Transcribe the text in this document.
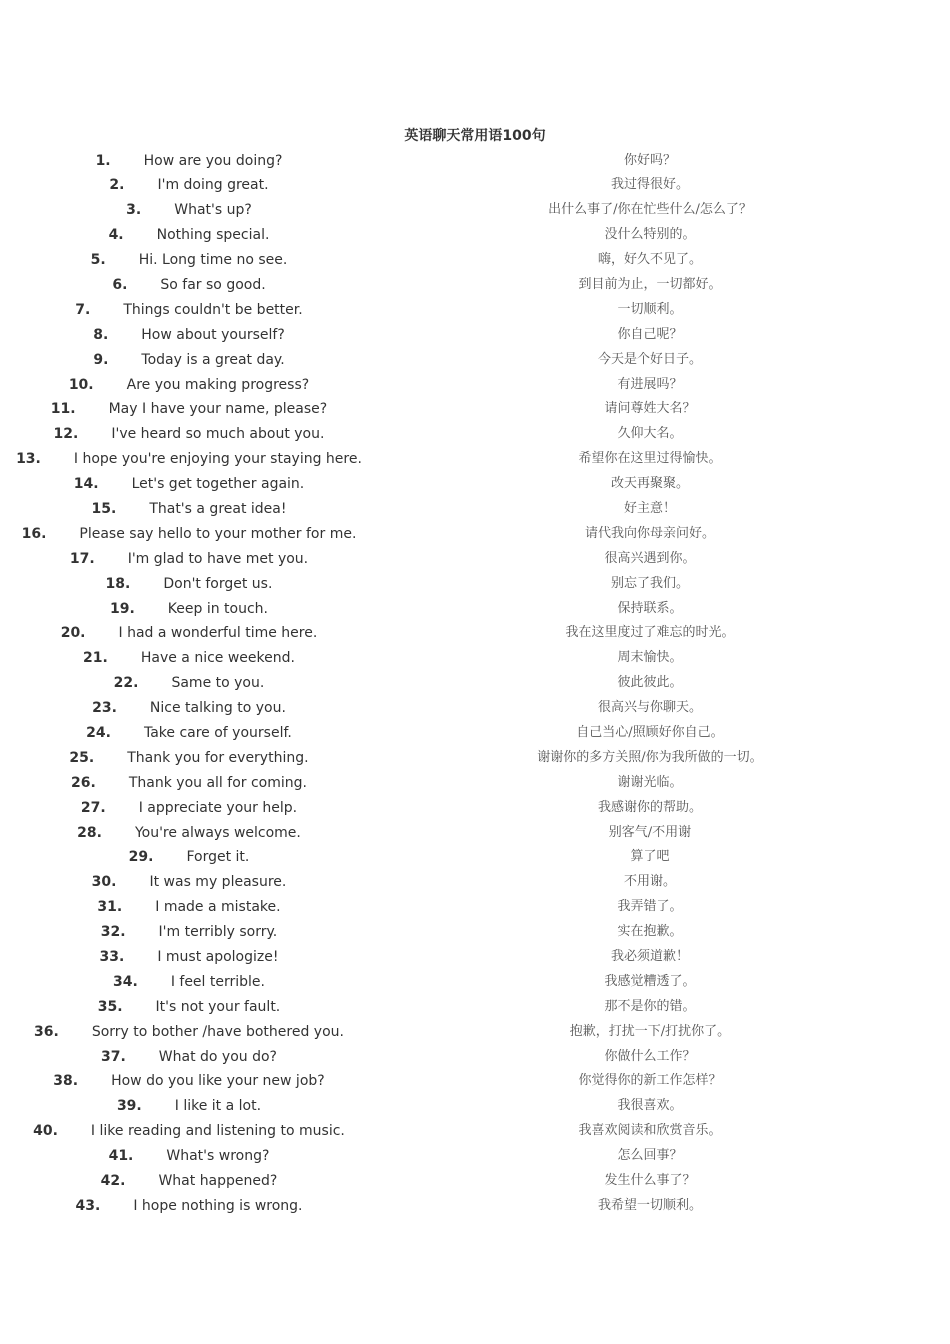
英语聊天常用语100句
1. How are you doing?	你好吗？
2. I'm doing great.	我过得很好。
3. What's up?	出什么事了/你在忙些什么/怎么了？
4. Nothing special.	没什么特别的。
5. Hi. Long time no see.	嗨，好久不见了。
6. So far so good.	到目前为止，一切都好。
7. Things couldn't be better.	一切顺利。
8. How about yourself?	你自己呢？
9. Today is a great day.	今天是个好日子。
10. Are you making progress?	有进展吗？
11. May I have your name, please?	请问尊姓大名？
12. I've heard so much about you.	久仰大名。
13. I hope you're enjoying your staying here.	希望你在这里过得愉快。
14. Let's get together again.	改天再聚聚。
15. That's a great idea!	好主意！
16. Please say hello to your mother for me.	请代我向你母亲问好。
17. I'm glad to have met you.	很高兴遇到你。
18. Don't forget us.	别忘了我们。
19. Keep in touch.	保持联系。
20. I had a wonderful time here.	我在这里度过了难忘的时光。
21. Have a nice weekend.	周末愉快。
22. Same to you.	彼此彼此。
23. Nice talking to you.	很高兴与你聊天。
24. Take care of yourself.	自己当心/照顾好你自己。
25. Thank you for everything.	谢谢你的多方关照/你为我所做的一切。
26. Thank you all for coming.	谢谢光临。
27. I appreciate your help.	我感谢你的帮助。
28. You're always welcome.	别客气/不用谢
29. Forget it.	算了吧
30. It was my pleasure.	不用谢。
31. I made a mistake.	我弄错了。
32. I'm terribly sorry.	实在抱歉。
33. I must apologize!	我必须道歉！
34. I feel terrible.	我感觉糟透了。
35. It's not your fault.	那不是你的错。
36. Sorry to bother /have bothered you.	抱歉，打扰一下/打扰你了。
37. What do you do?	你做什么工作？
38. How do you like your new job?	你觉得你的新工作怎样？
39. I like it a lot.	我很喜欢。
40. I like reading and listening to music.	我喜欢阅读和欣赏音乐。
41. What's wrong?	怎么回事？
42. What happened?	发生什么事了？
43. I hope nothing is wrong.	我希望一切顺利。
